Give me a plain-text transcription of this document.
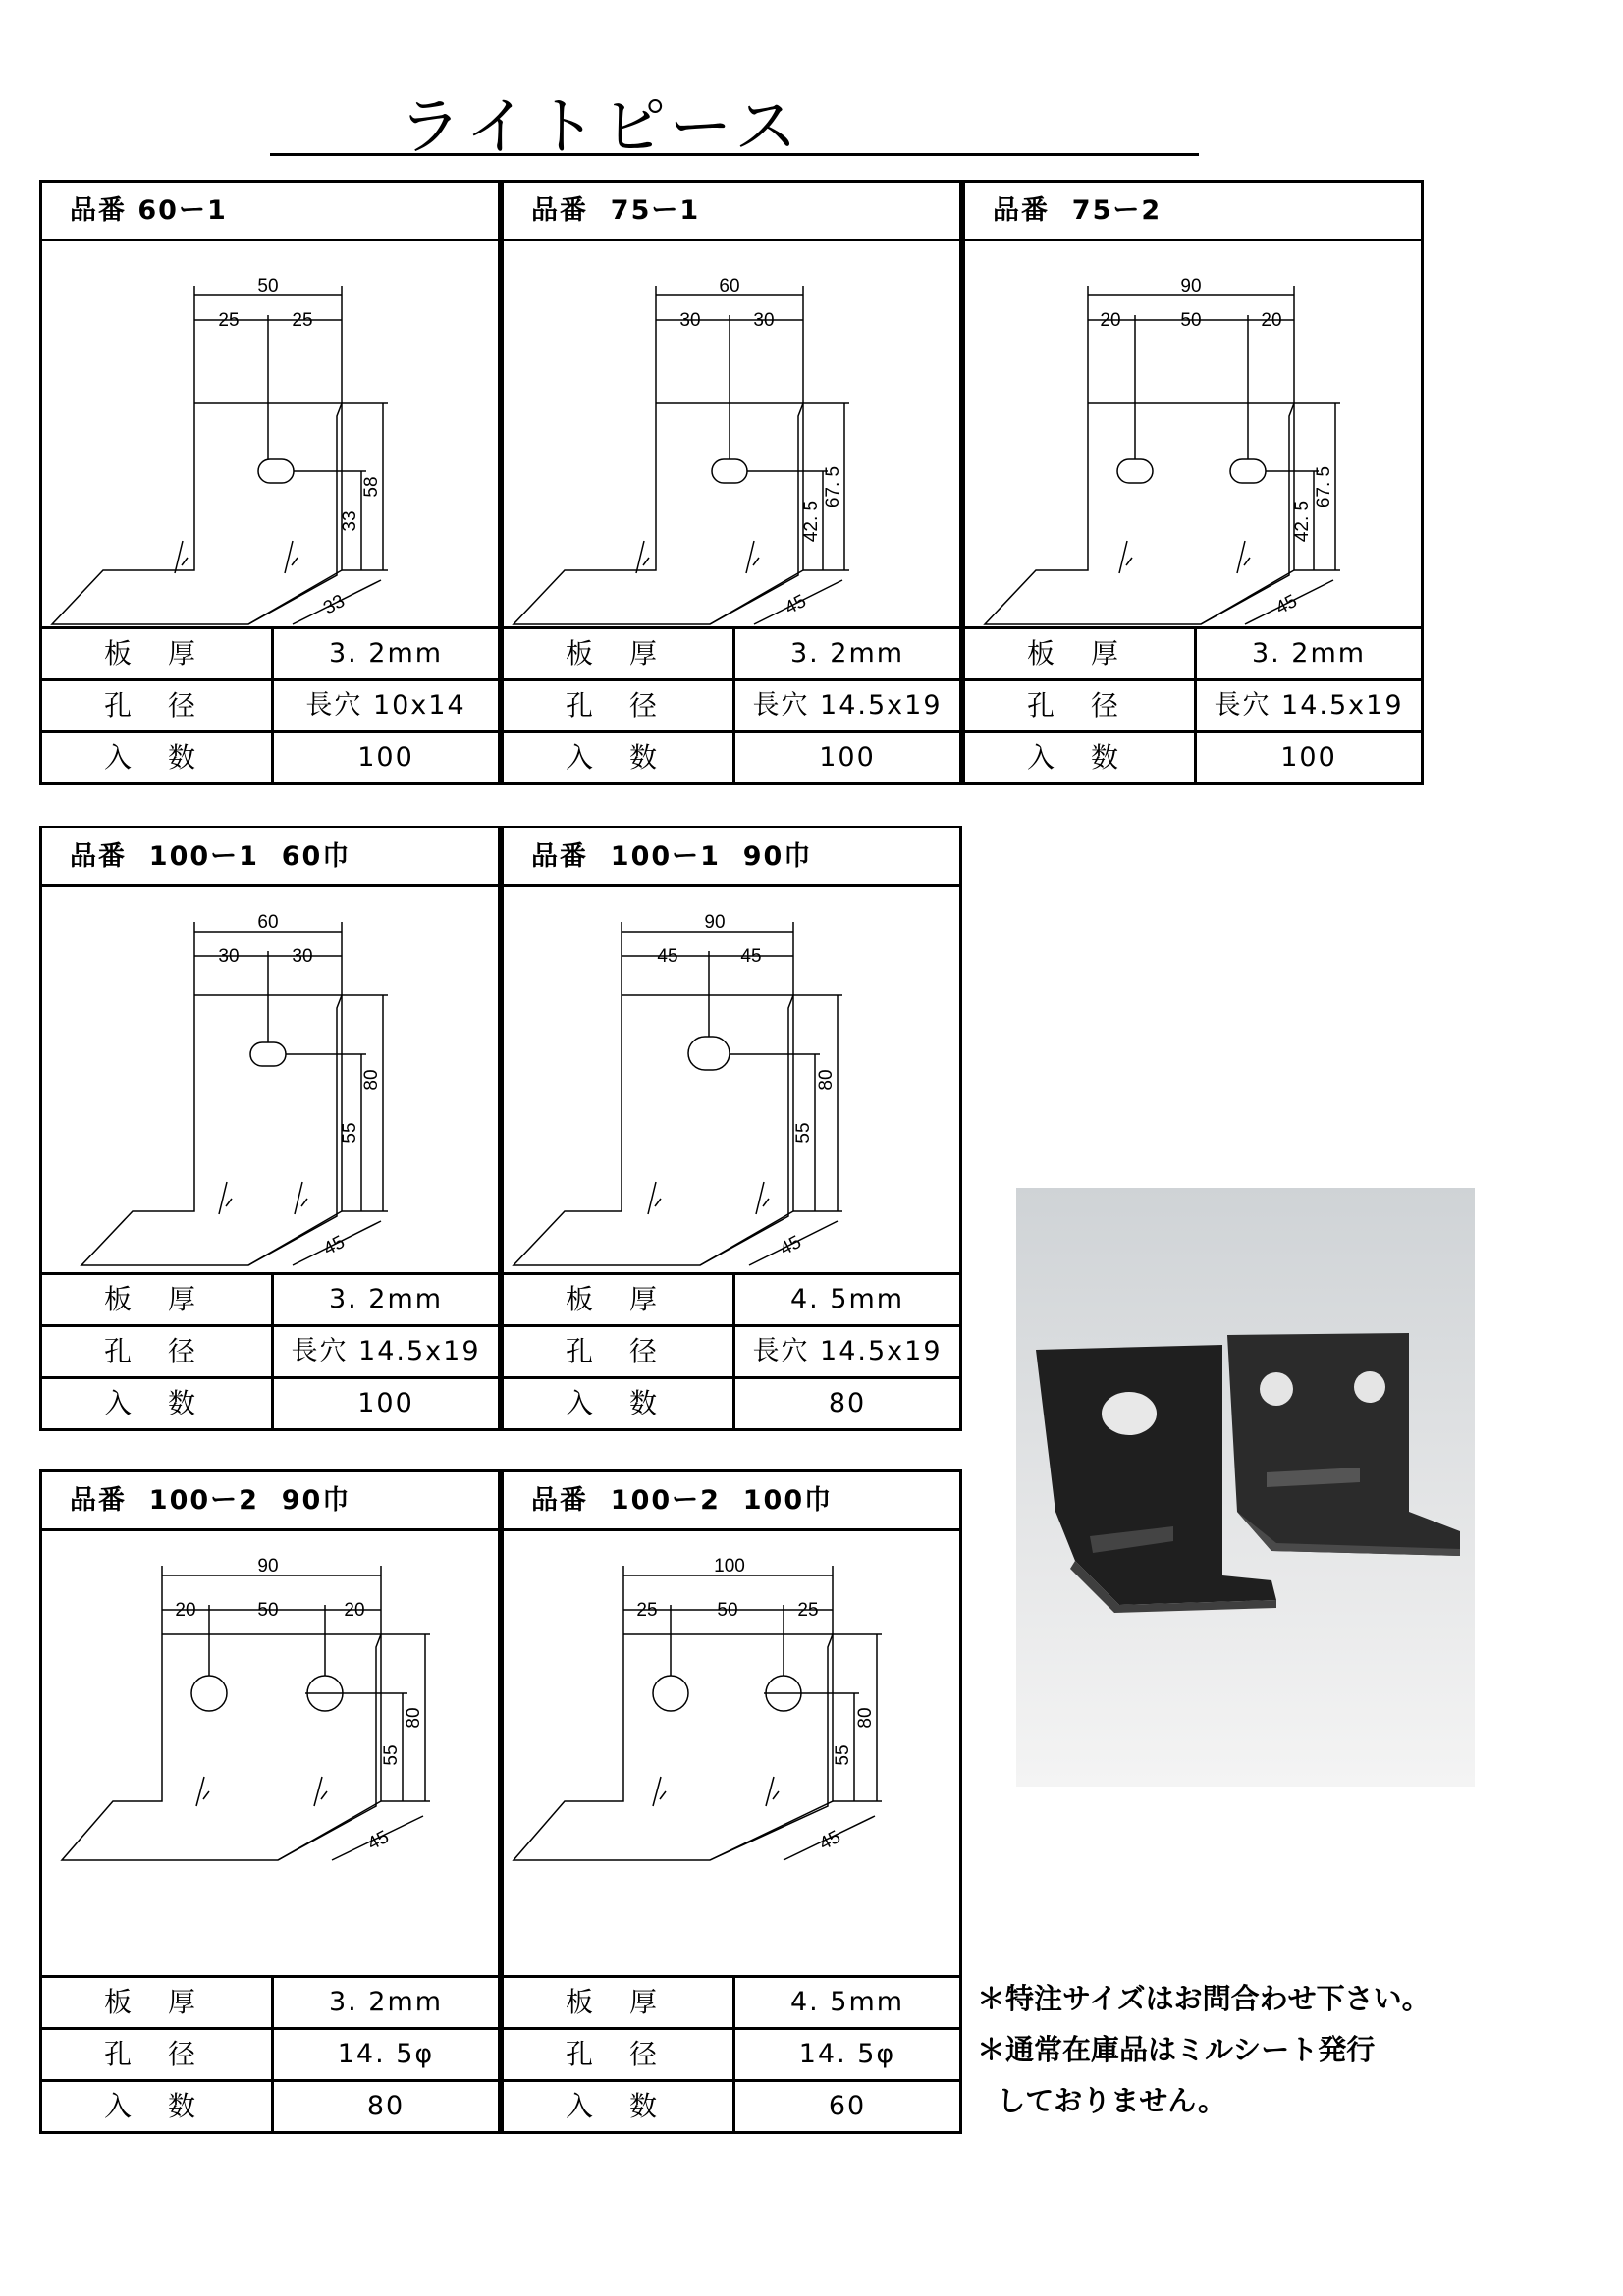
ライトピース
品番 60ー1
50
25	25
33
58
33
板 厚	3. 2mm
孔 径	長穴 10x14
入 数	100
品番  75ー1
60
30	30
42. 5
67. 5
45
板 厚	3. 2mm
孔 径	長穴 14.5x19
入 数	100
品番  75ー2
90
20	50	20
42. 5
67. 5
45
板 厚	3. 2mm
孔 径	長穴 14.5x19
入 数	100
品番  100ー1  60巾
60
30	30
55
80
45
板 厚	3. 2mm
孔 径	長穴 14.5x19
入 数	100
品番  100ー1  90巾
90
45	45
55
80
45
板 厚	4. 5mm
孔 径	長穴 14.5x19
入 数	80
品番  100ー2  90巾
90
20	50	20
55
80
45
板 厚	3. 2mm
孔 径	14. 5φ
入 数	80
品番  100ー2  100巾
100
25	50	25
55
80
45
板 厚	4. 5mm
孔 径	14. 5φ
入 数	60
＊特注サイズはお問合わせ下さい。
＊通常在庫品はミルシート発行
しておりません。
